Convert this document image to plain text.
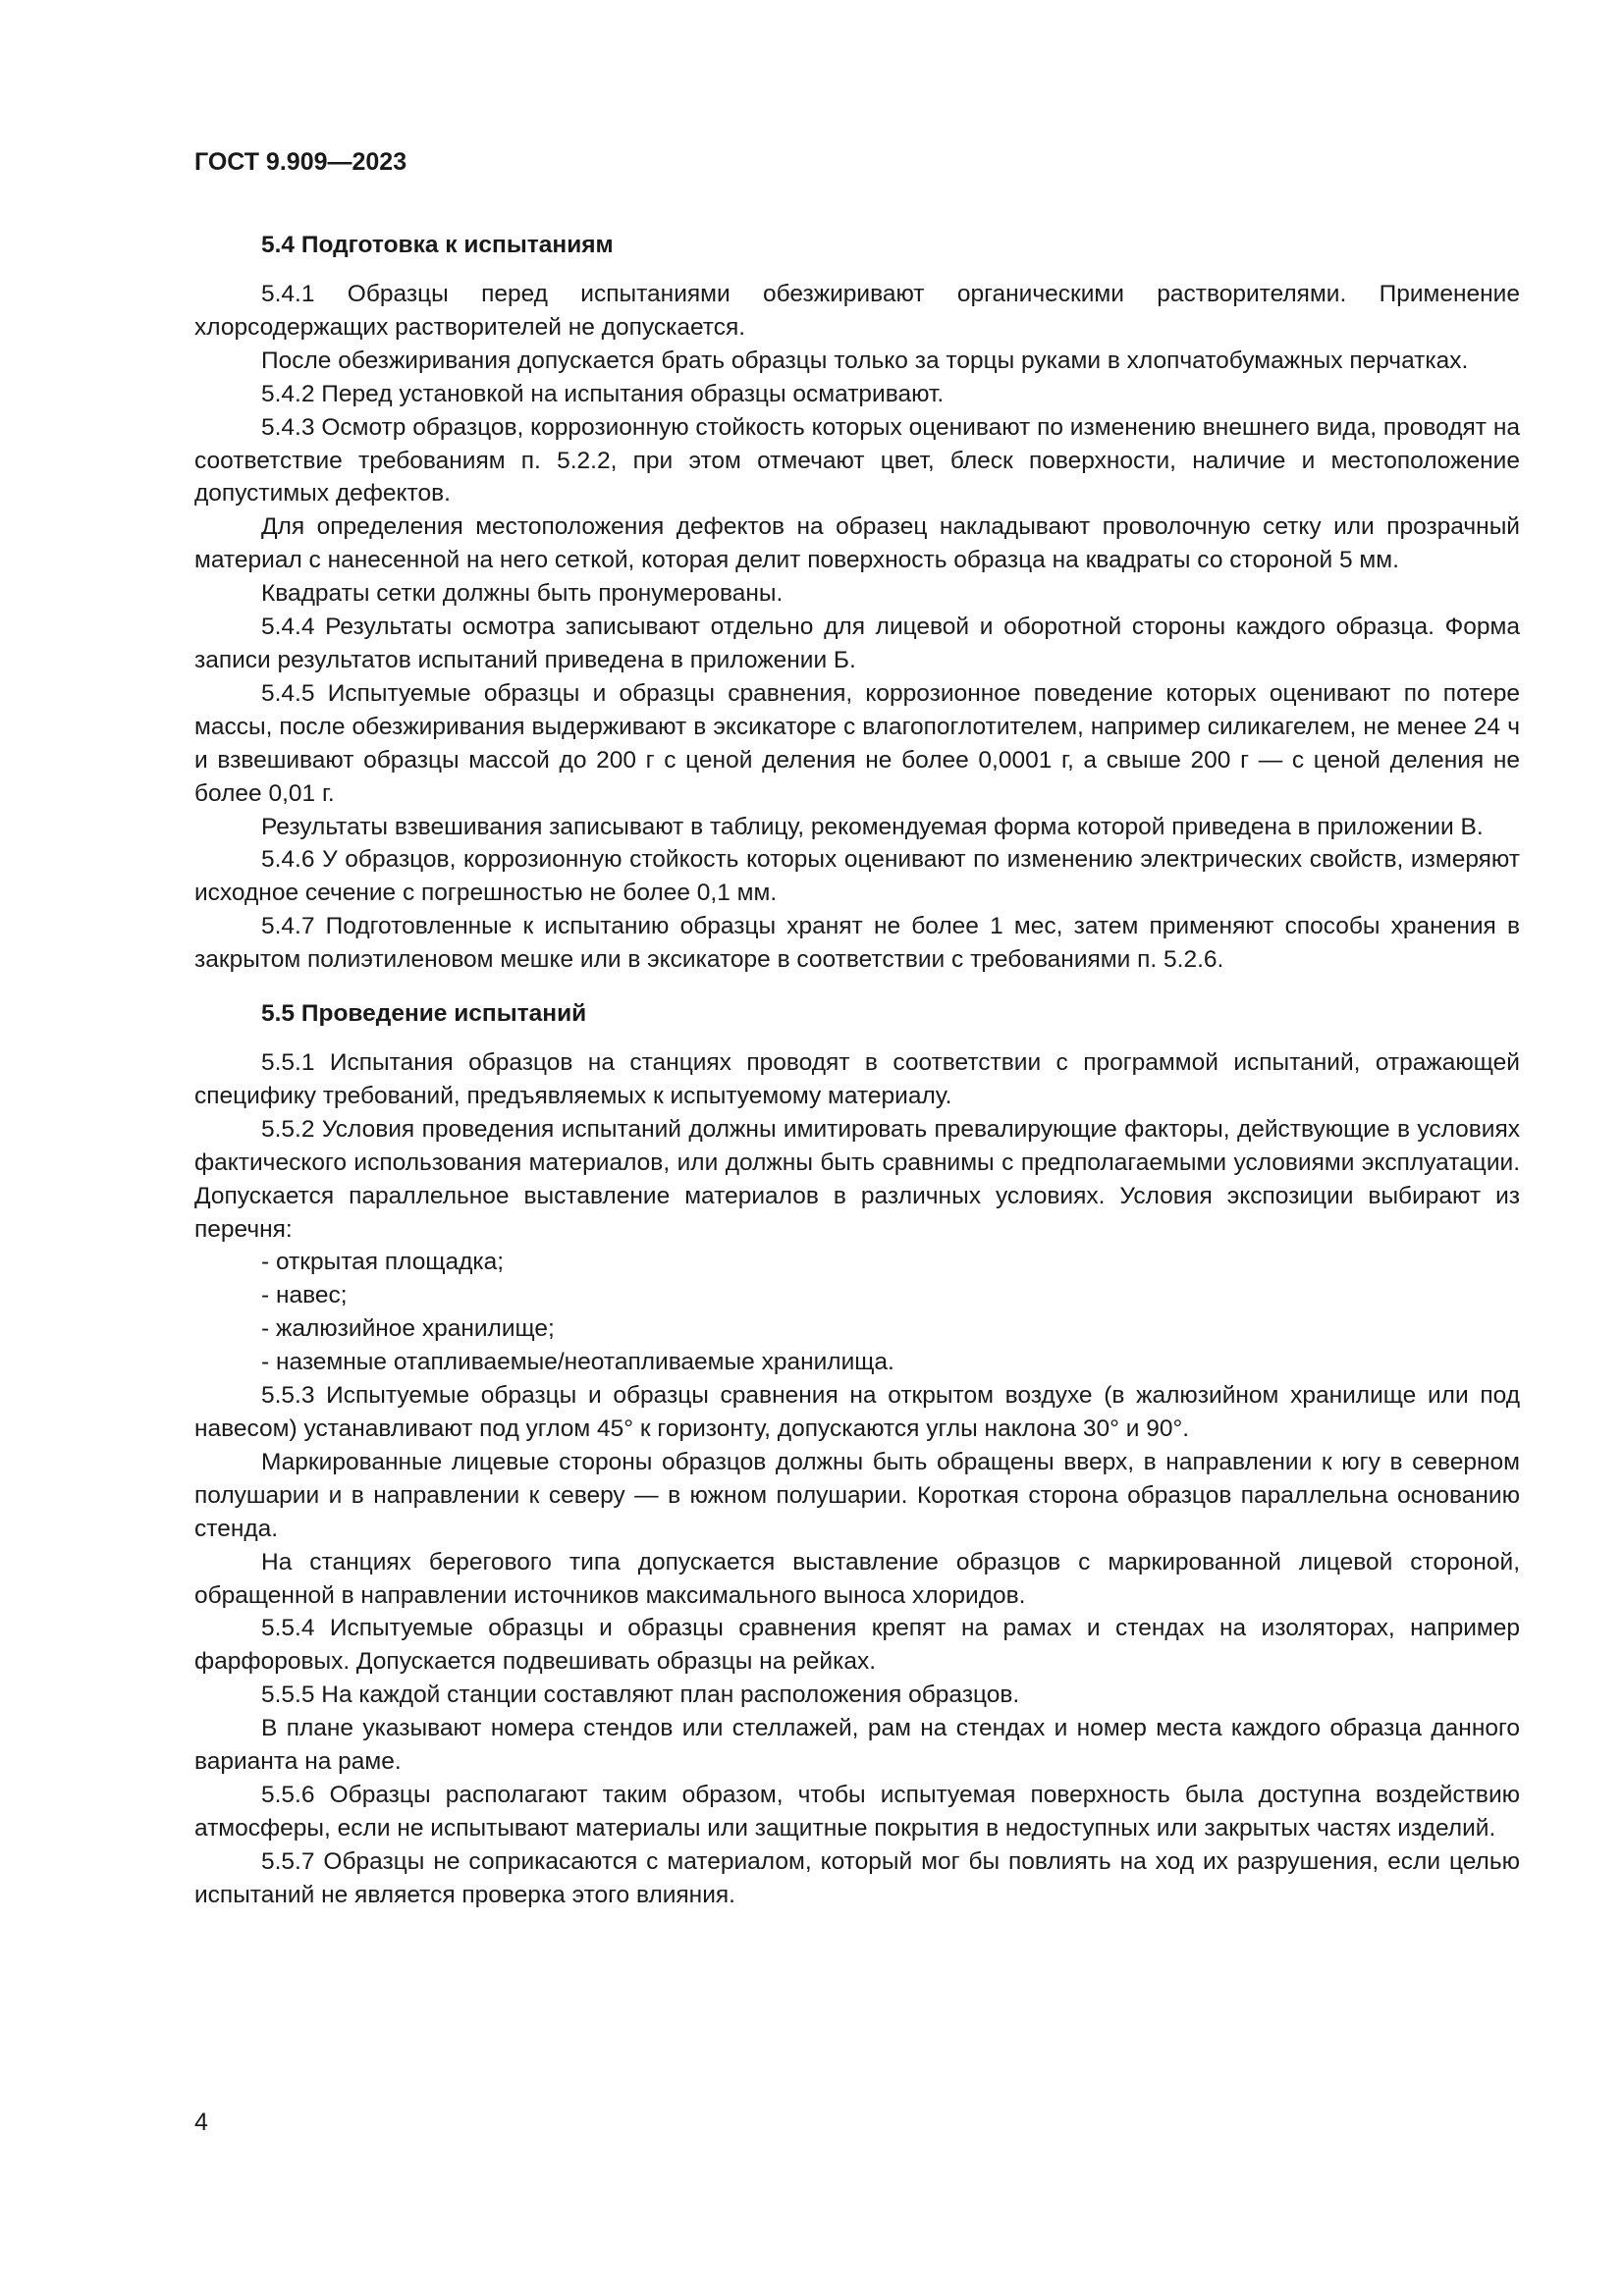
ГОСТ 9.909—2023
5.4 Подготовка к испытаниям

5.4.1 Образцы перед испытаниями обезжиривают органическими растворителями. Применение хлорсодержащих растворителей не допускается.

После обезжиривания допускается брать образцы только за торцы руками в хлопчатобумажных перчатках.

5.4.2 Перед установкой на испытания образцы осматривают.

5.4.3 Осмотр образцов, коррозионную стойкость которых оценивают по изменению внешнего вида, проводят на соответствие требованиям п. 5.2.2, при этом отмечают цвет, блеск поверхности, наличие и местоположение допустимых дефектов.

Для определения местоположения дефектов на образец накладывают проволочную сетку или прозрачный материал с нанесенной на него сеткой, которая делит поверхность образца на квадраты со стороной 5 мм.

Квадраты сетки должны быть пронумерованы.

5.4.4 Результаты осмотра записывают отдельно для лицевой и оборотной стороны каждого образца. Форма записи результатов испытаний приведена в приложении Б.

5.4.5 Испытуемые образцы и образцы сравнения, коррозионное поведение которых оценивают по потере массы, после обезжиривания выдерживают в эксикаторе с влагопоглотителем, например силикагелем, не менее 24 ч и взвешивают образцы массой до 200 г с ценой деления не более 0,0001 г, а свыше 200 г — с ценой деления не более 0,01 г.

Результаты взвешивания записывают в таблицу, рекомендуемая форма которой приведена в приложении В.

5.4.6 У образцов, коррозионную стойкость которых оценивают по изменению электрических свойств, измеряют исходное сечение с погрешностью не более 0,1 мм.

5.4.7 Подготовленные к испытанию образцы хранят не более 1 мес, затем применяют способы хранения в закрытом полиэтиленовом мешке или в эксикаторе в соответствии с требованиями п. 5.2.6.

5.5 Проведение испытаний

5.5.1 Испытания образцов на станциях проводят в соответствии с программой испытаний, отражающей специфику требований, предъявляемых к испытуемому материалу.

5.5.2 Условия проведения испытаний должны имитировать превалирующие факторы, действующие в условиях фактического использования материалов, или должны быть сравнимы с предполагаемыми условиями эксплуатации. Допускается параллельное выставление материалов в различных условиях. Условия экспозиции выбирают из перечня:

- открытая площадка;

- навес;

- жалюзийное хранилище;

- наземные отапливаемые/неотапливаемые хранилища.

5.5.3 Испытуемые образцы и образцы сравнения на открытом воздухе (в жалюзийном хранилище или под навесом) устанавливают под углом 45° к горизонту, допускаются углы наклона 30° и 90°.

Маркированные лицевые стороны образцов должны быть обращены вверх, в направлении к югу в северном полушарии и в направлении к северу — в южном полушарии. Короткая сторона образцов параллельна основанию стенда.

На станциях берегового типа допускается выставление образцов с маркированной лицевой стороной, обращенной в направлении источников максимального выноса хлоридов.

5.5.4 Испытуемые образцы и образцы сравнения крепят на рамах и стендах на изоляторах, например фарфоровых. Допускается подвешивать образцы на рейках.

5.5.5 На каждой станции составляют план расположения образцов.

В плане указывают номера стендов или стеллажей, рам на стендах и номер места каждого образца данного варианта на раме.

5.5.6 Образцы располагают таким образом, чтобы испытуемая поверхность была доступна воздействию атмосферы, если не испытывают материалы или защитные покрытия в недоступных или закрытых частях изделий.

5.5.7 Образцы не соприкасаются с материалом, который мог бы повлиять на ход их разрушения, если целью испытаний не является проверка этого влияния.

4
